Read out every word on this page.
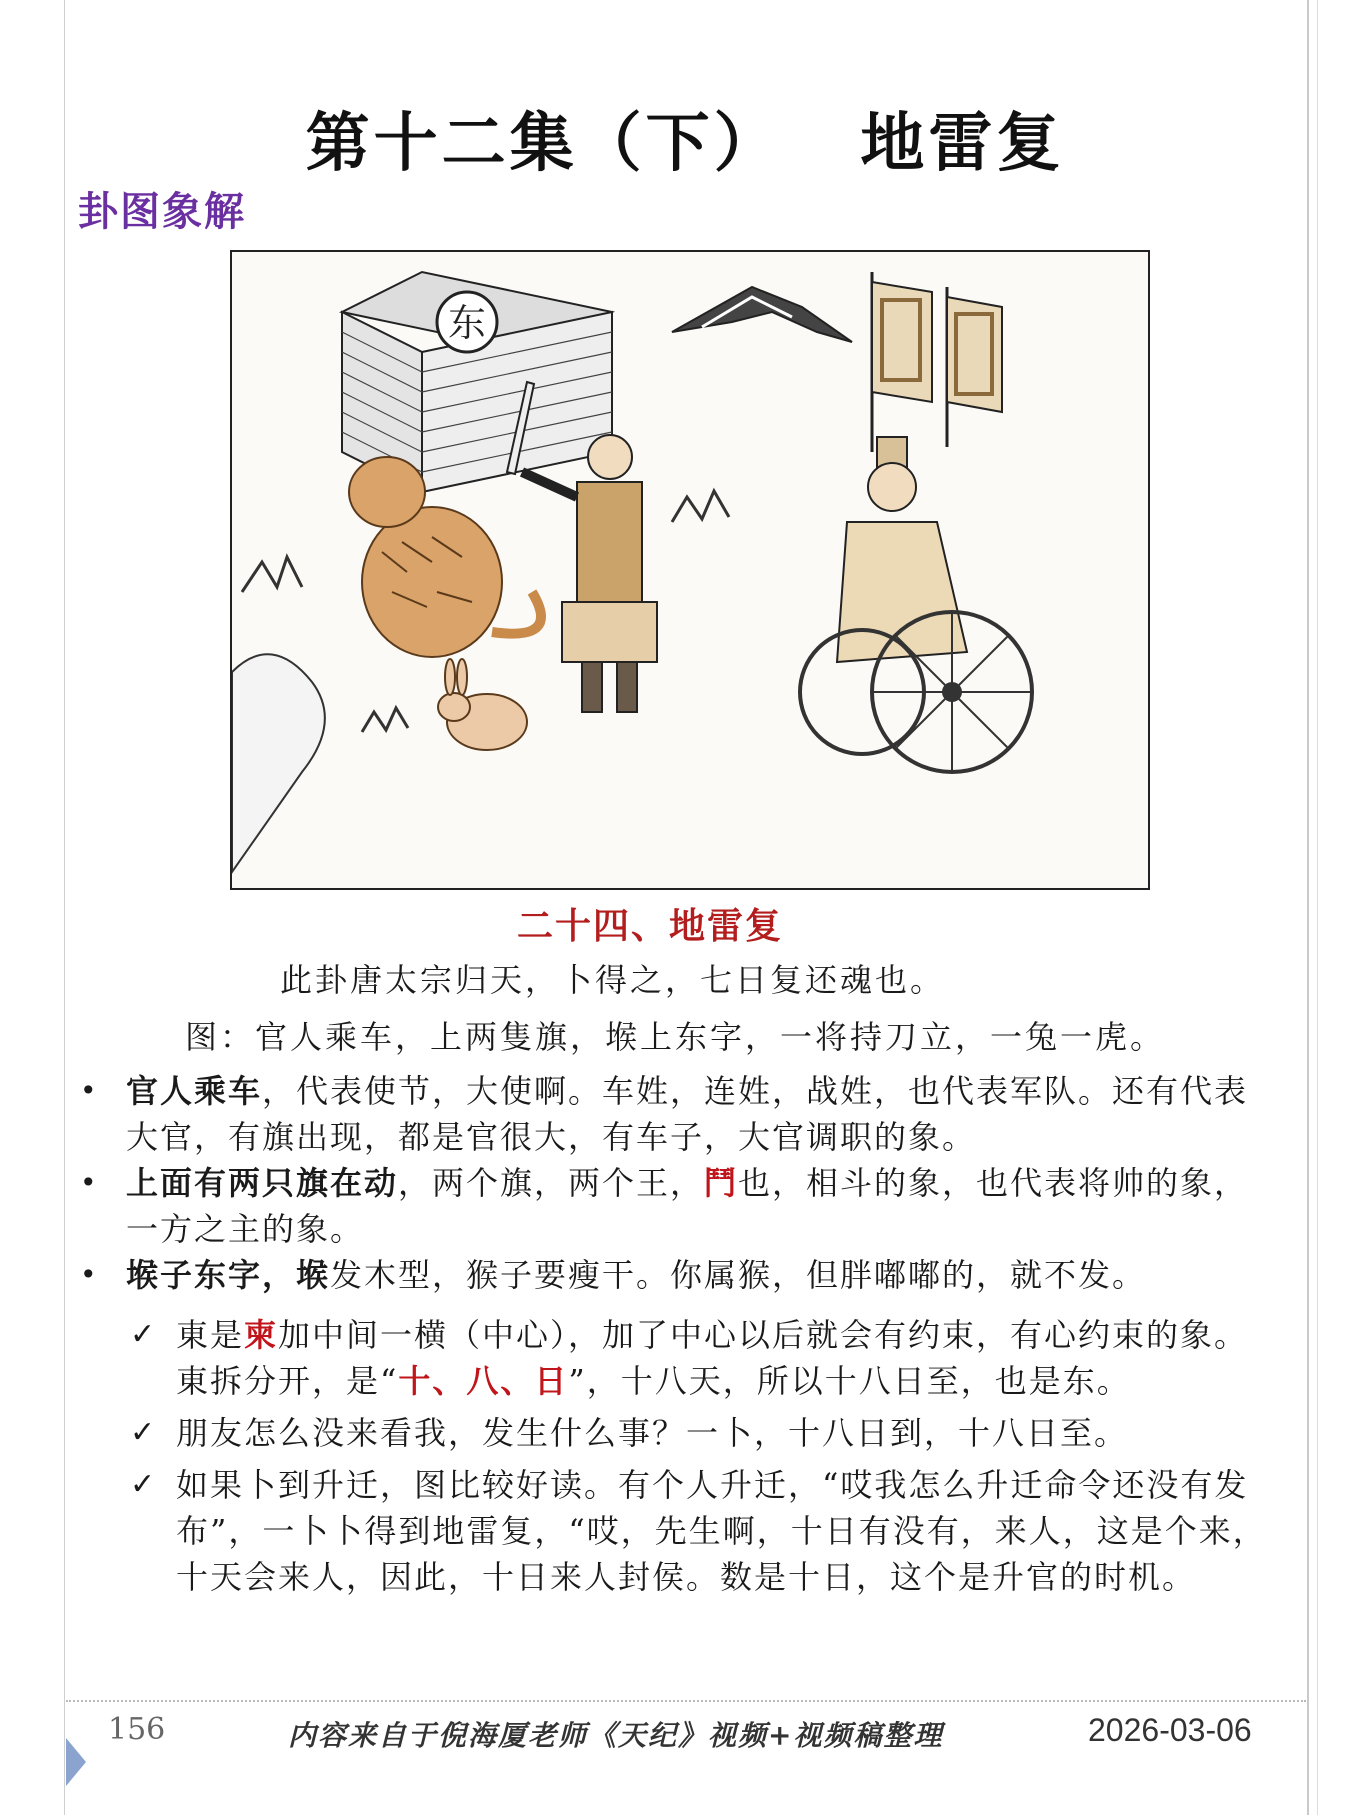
第十二集（下）   地雷复
卦图象解
东
二十四、地雷复
此卦唐太宗归天，卜得之，七日复还魂也。
图：官人乘车，上两隻旗，堠上东字，一将持刀立，一兔一虎。
• 官人乘车，代表使节，大使啊。车姓，连姓，战姓，也代表军队。还有代表大官，有旗出现，都是官很大，有车子，大官调职的象。
• 上面有两只旗在动，两个旗，两个王，鬥也，相斗的象，也代表将帅的象，一方之主的象。
• 堠子东字，堠发木型，猴子要瘦干。你属猴，但胖嘟嘟的，就不发。
✓ 東是柬加中间一横（中心），加了中心以后就会有约束，有心约束的象。東拆分开，是“十、八、日”，十八天，所以十八日至，也是东。
✓ 朋友怎么没来看我，发生什么事？一卜，十八日到，十八日至。
✓ 如果卜到升迁，图比较好读。有个人升迁，“哎我怎么升迁命令还没有发布”，一卜卜得到地雷复，“哎，先生啊，十日有没有，来人，这是个来，十天会来人，因此，十日来人封侯。数是十日，这个是升官的时机。
156	内容来自于倪海厦老师《天纪》视频+视频稿整理	2026-03-06
